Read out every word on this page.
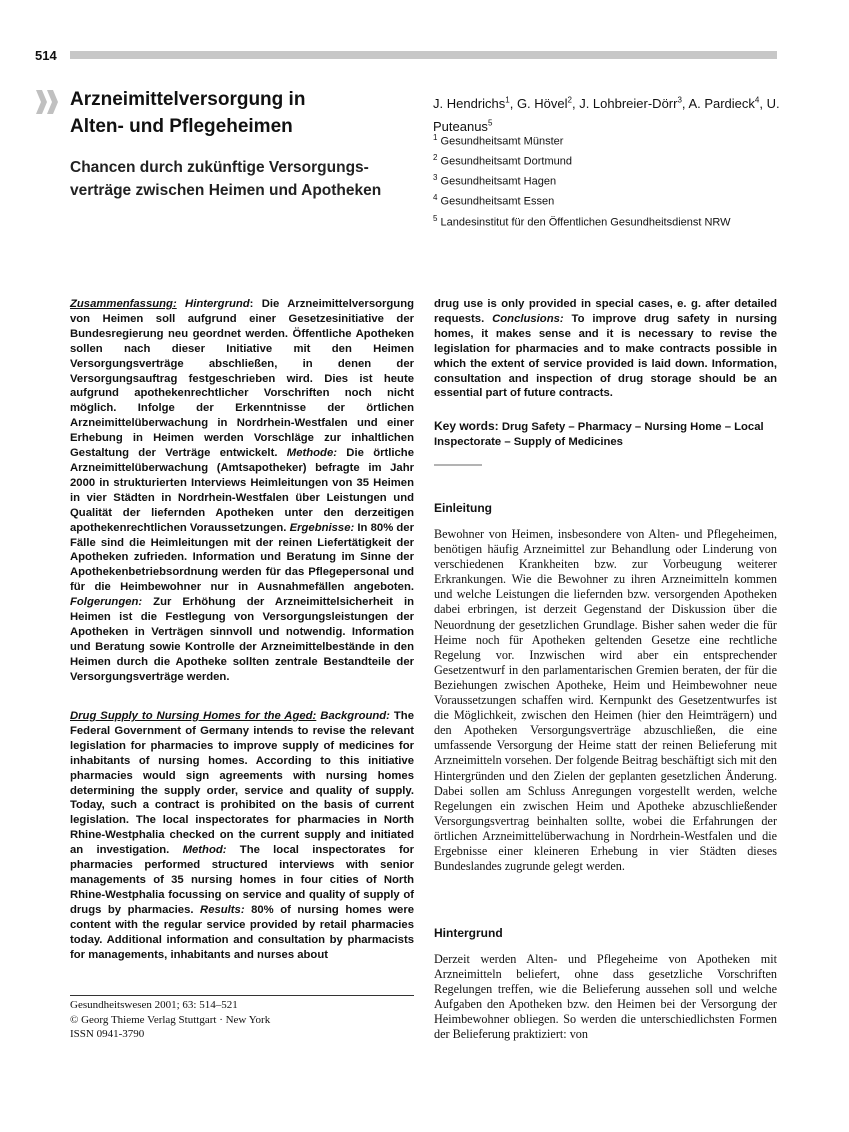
514
Arzneimittelversorgung in
Alten- und Pflegeheimen
Chancen durch zukünftige Versorgungs-
verträge zwischen Heimen und Apotheken

J. Hendrichs$^1$, G. Hövel$^2$, J. Lohbreier-Dörr$^3$, A. Pardieck$^4$, U. Puteanus$^5$

$^1$ Gesundheitsamt Münster
$^2$ Gesundheitsamt Dortmund
$^3$ Gesundheitsamt Hagen
$^4$ Gesundheitsamt Essen
$^5$ Landesinstitut für den Öffentlichen Gesundheitsdienst NRW

Zusammenfassung: Hintergrund: Die Arzneimittelversorgung von Heimen soll aufgrund einer Gesetzesinitiative der Bundesregierung neu geordnet werden. Öffentliche Apotheken sollen nach dieser Initiative mit den Heimen Versorgungsverträge abschließen, in denen der Versorgungsauftrag festgeschrieben wird. Dies ist heute aufgrund apothekenrechtlicher Vorschriften noch nicht möglich. Infolge der Erkenntnisse der örtlichen Arzneimittelüberwachung in Nordrhein-Westfalen und einer Erhebung in Heimen werden Vorschläge zur inhaltlichen Gestaltung der Verträge entwickelt. Methode: Die örtliche Arzneimittelüberwachung (Amtsapotheker) befragte im Jahr 2000 in strukturierten Interviews Heimleitungen von 35 Heimen in vier Städten in Nordrhein-Westfalen über Leistungen und Qualität der liefernden Apotheken unter den derzeitigen apothekenrechtlichen Voraussetzungen. Ergebnisse: In 80% der Fälle sind die Heimleitungen mit der reinen Liefertätigkeit der Apotheken zufrieden. Information und Beratung im Sinne der Apothekenbetriebsordnung werden für das Pflegepersonal und für die Heimbewohner nur in Ausnahmefällen angeboten. Folgerungen: Zur Erhöhung der Arzneimittelsicherheit in Heimen ist die Festlegung von Versorgungsleistungen der Apotheken in Verträgen sinnvoll und notwendig. Information und Beratung sowie Kontrolle der Arzneimittelbestände in den Heimen durch die Apotheke sollten zentrale Bestandteile der Versorgungsverträge werden.

Drug Supply to Nursing Homes for the Aged: Background: The Federal Government of Germany intends to revise the relevant legislation for pharmacies to improve supply of medicines for inhabitants of nursing homes. According to this initiative pharmacies would sign agreements with nursing homes determining the supply order, service and quality of supply. Today, such a contract is prohibited on the basis of current legislation. The local inspectorates for pharmacies in North Rhine-Westphalia checked on the current supply and initiated an investigation. Method: The local inspectorates for pharmacies performed structured interviews with senior managements of 35 nursing homes in four cities of North Rhine-Westphalia focussing on service and quality of supply of drugs by pharmacies. Results: 80% of nursing homes were content with the regular service provided by retail pharmacies today. Additional information and consultation by pharmacists for managements, inhabitants and nurses about

drug use is only provided in special cases, e. g. after detailed requests. Conclusions: To improve drug safety in nursing homes, it makes sense and it is necessary to revise the legislation for pharmacies and to make contracts possible in which the extent of service provided is laid down. Information, consultation and inspection of drug storage should be an essential part of future contracts.

Key words: Drug Safety – Pharmacy – Nursing Home – Local Inspectorate – Supply of Medicines

Einleitung

Bewohner von Heimen, insbesondere von Alten- und Pflegeheimen, benötigen häufig Arzneimittel zur Behandlung oder Linderung von verschiedenen Krankheiten bzw. zur Vorbeugung weiterer Erkrankungen. Wie die Bewohner zu ihren Arzneimitteln kommen und welche Leistungen die liefernden bzw. versorgenden Apotheken dabei erbringen, ist derzeit Gegenstand der Diskussion über die Neuordnung der gesetzlichen Grundlage. Bisher sahen weder die für Heime noch für Apotheken geltenden Gesetze eine rechtliche Regelung vor. Inzwischen wird aber ein entsprechender Gesetzentwurf in den parlamentarischen Gremien beraten, der für die Beziehungen zwischen Apotheke, Heim und Heimbewohner neue Voraussetzungen schaffen wird. Kernpunkt des Gesetzentwurfes ist die Möglichkeit, zwischen den Heimen (hier den Heimträgern) und den Apotheken Versorgungsverträge abzuschließen, die eine umfassende Versorgung der Heime statt der reinen Belieferung mit Arzneimitteln vorsehen. Der folgende Beitrag beschäftigt sich mit den Hintergründen und den Zielen der geplanten gesetzlichen Änderung. Dabei sollen am Schluss Anregungen vorgestellt werden, welche Regelungen ein zwischen Heim und Apotheke abzuschließender Versorgungsvertrag beinhalten sollte, wobei die Erfahrungen der örtlichen Arzneimittelüberwachung in Nordrhein-Westfalen und die Ergebnisse einer kleineren Erhebung in vier Städten dieses Bundeslandes zugrunde gelegt werden.

Hintergrund

Derzeit werden Alten- und Pflegeheime von Apotheken mit Arzneimitteln beliefert, ohne dass gesetzliche Vorschriften Regelungen treffen, wie die Belieferung aussehen soll und welche Aufgaben den Apotheken bzw. den Heimen bei der Versorgung der Heimbewohner obliegen. So werden die unterschiedlichsten Formen der Belieferung praktiziert: von

Gesundheitswesen 2001; 63: 514–521
© Georg Thieme Verlag Stuttgart · New York
ISSN 0941-3790
